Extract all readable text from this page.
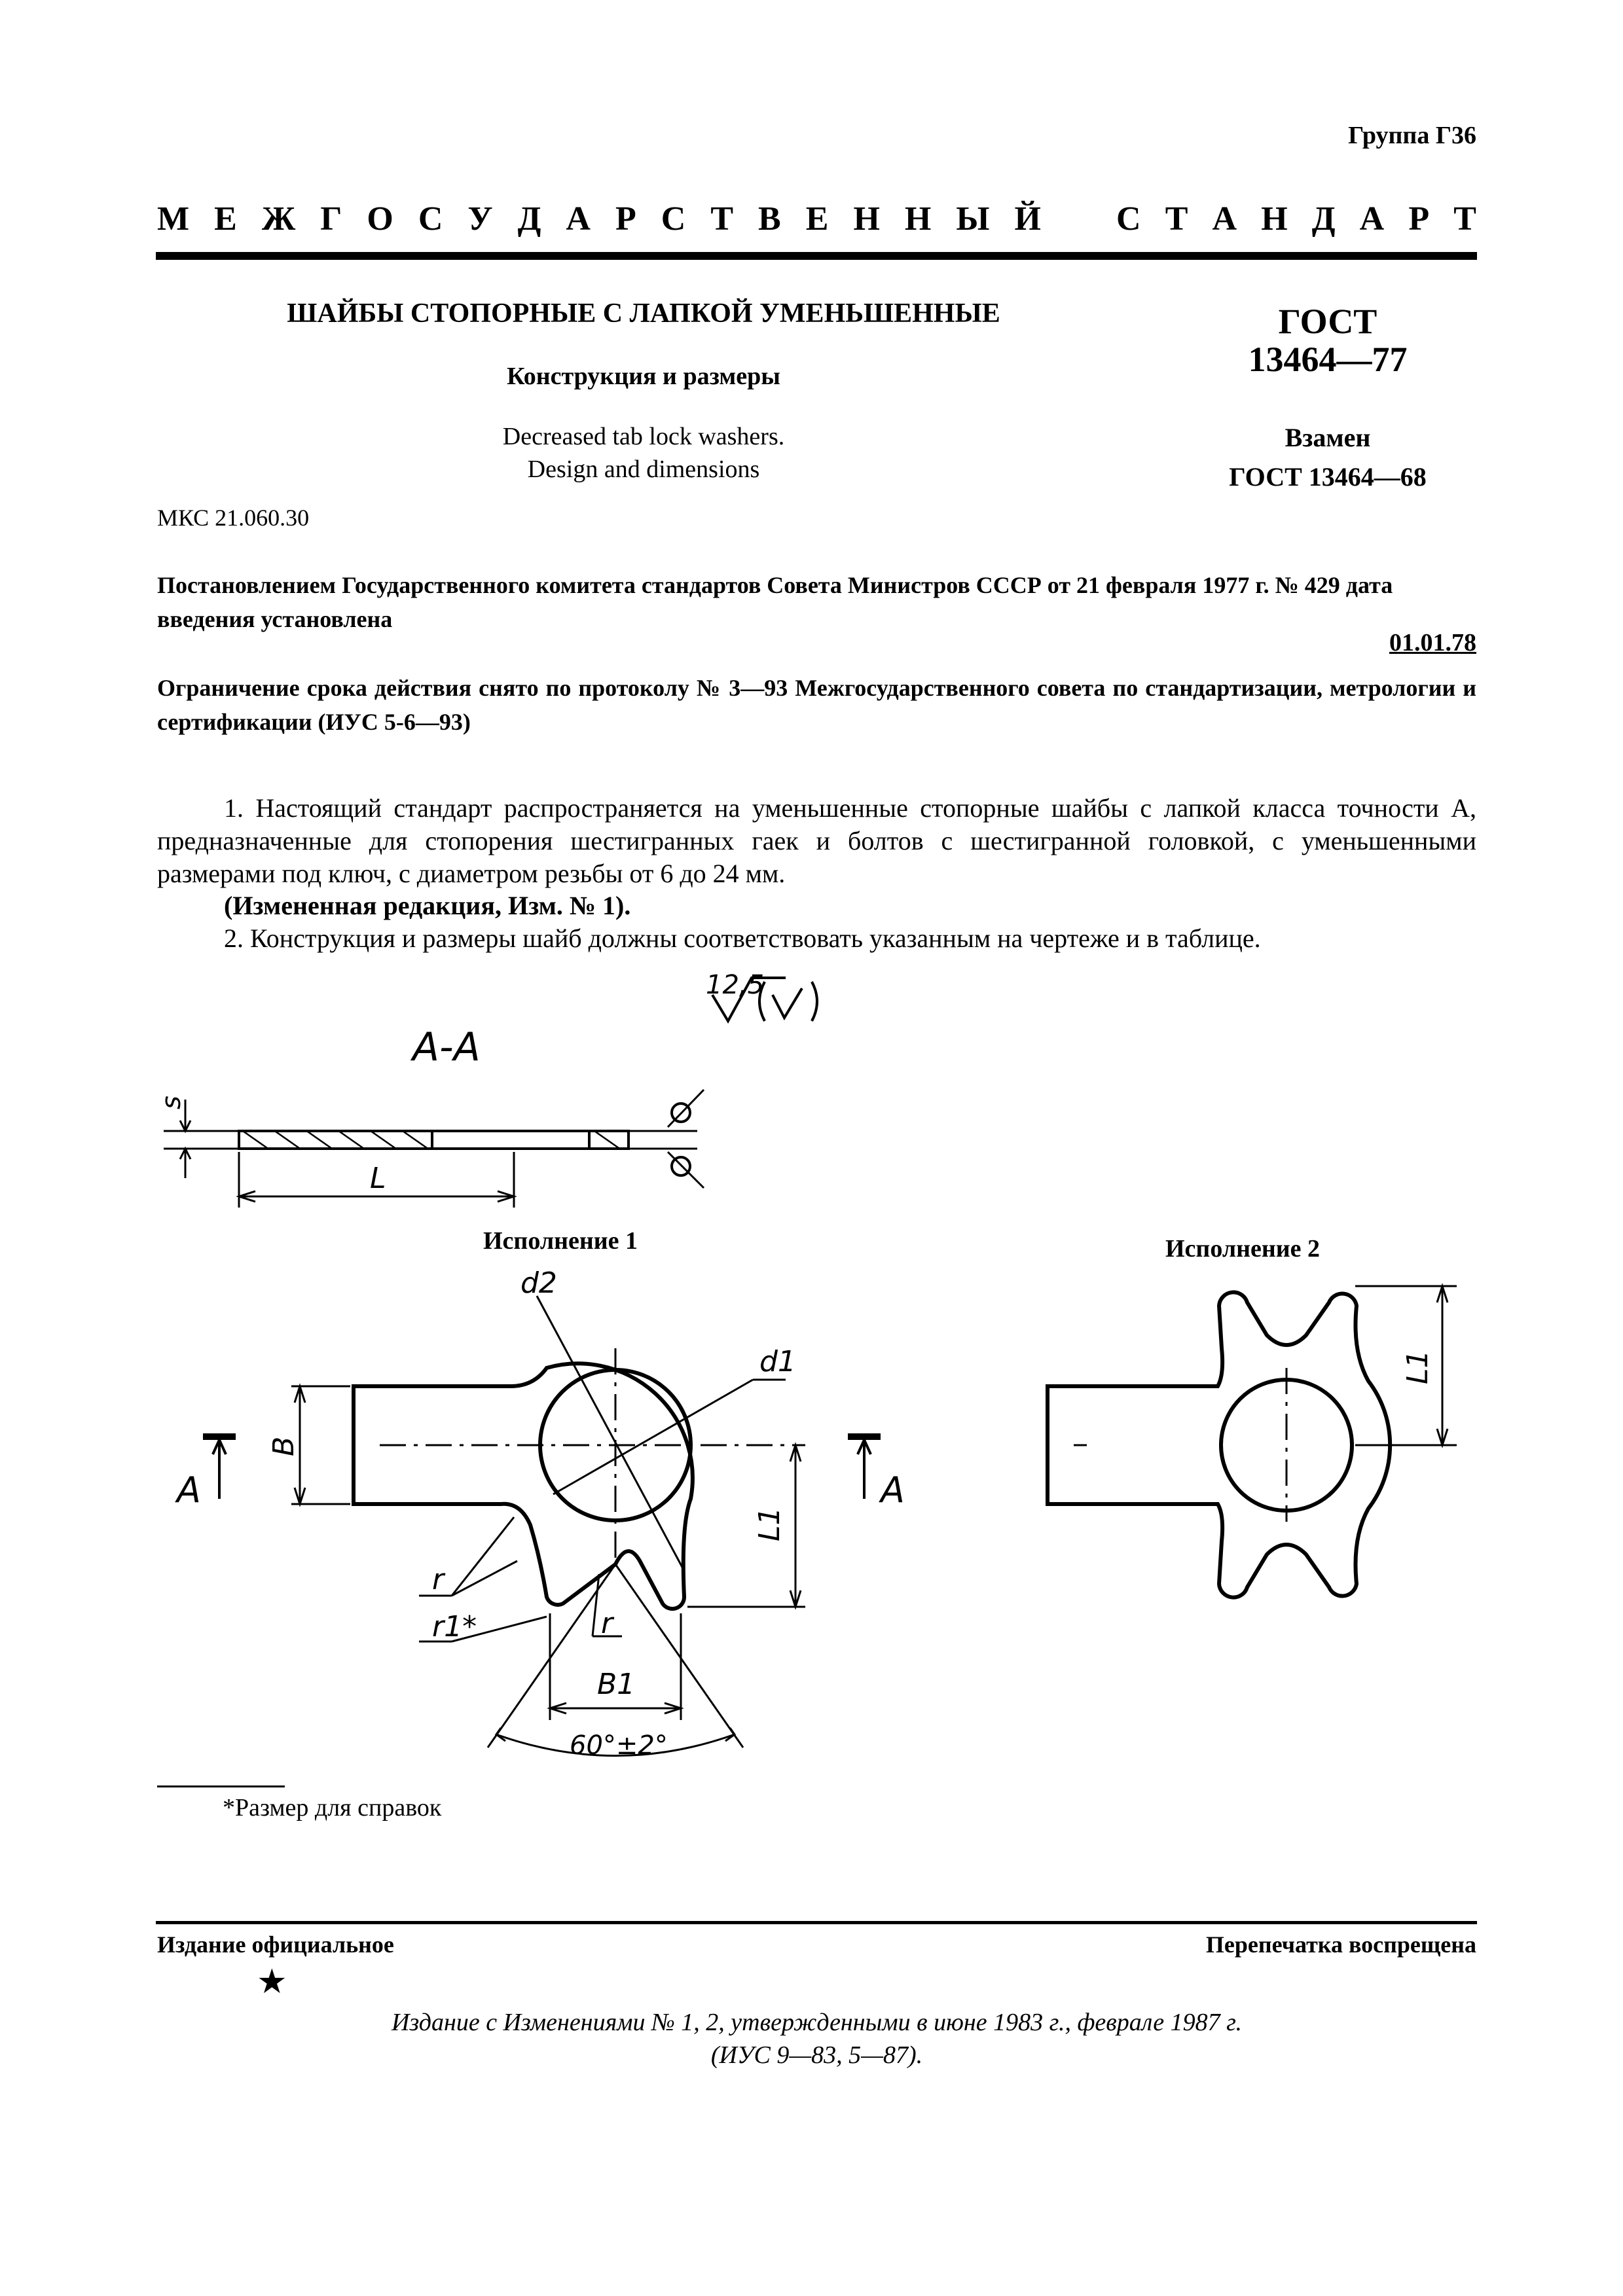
Группа Г36
М Е Ж Г О С У Д А Р С Т В Е Н Н Ы Й С Т А Н Д А Р Т
ШАЙБЫ СТОПОРНЫЕ С ЛАПКОЙ УМЕНЬШЕННЫЕ
Конструкция и размеры
Decreased tab lock washers.
Design and dimensions
ГОСТ
13464—77
Взамен
ГОСТ 13464—68
МКС 21.060.30
Постановлением Государственного комитета стандартов Совета Министров СССР от 21 февраля 1977 г. № 429 дата введения установлена
01.01.78
Ограничение срока действия снято по протоколу № 3—93 Межгосударственного совета по стандартизации, метрологии и сертификации (ИУС 5-6—93)
1. Настоящий стандарт распространяется на уменьшенные стопорные шайбы с лапкой класса точности А, предназначенные для стопорения шестигранных гаек и болтов с шестигранной головкой, с уменьшенными размерами под ключ, с диаметром резьбы от 6 до 24 мм.
(Измененная редакция, Изм. № 1).
2. Конструкция и размеры шайб должны соответствовать указанным на чертеже и в таблице.
12,5
А-А
s
L
Исполнение 1	Исполнение 2
d2
d1
B
L1
r
r1*	r
B1
60°±2°
A	A
L1
*Размер для справок
Издание официальное	Перепечатка воспрещена
★
Издание с Изменениями № 1, 2, утвержденными в июне 1983 г., феврале 1987 г.
(ИУС 9—83, 5—87).
